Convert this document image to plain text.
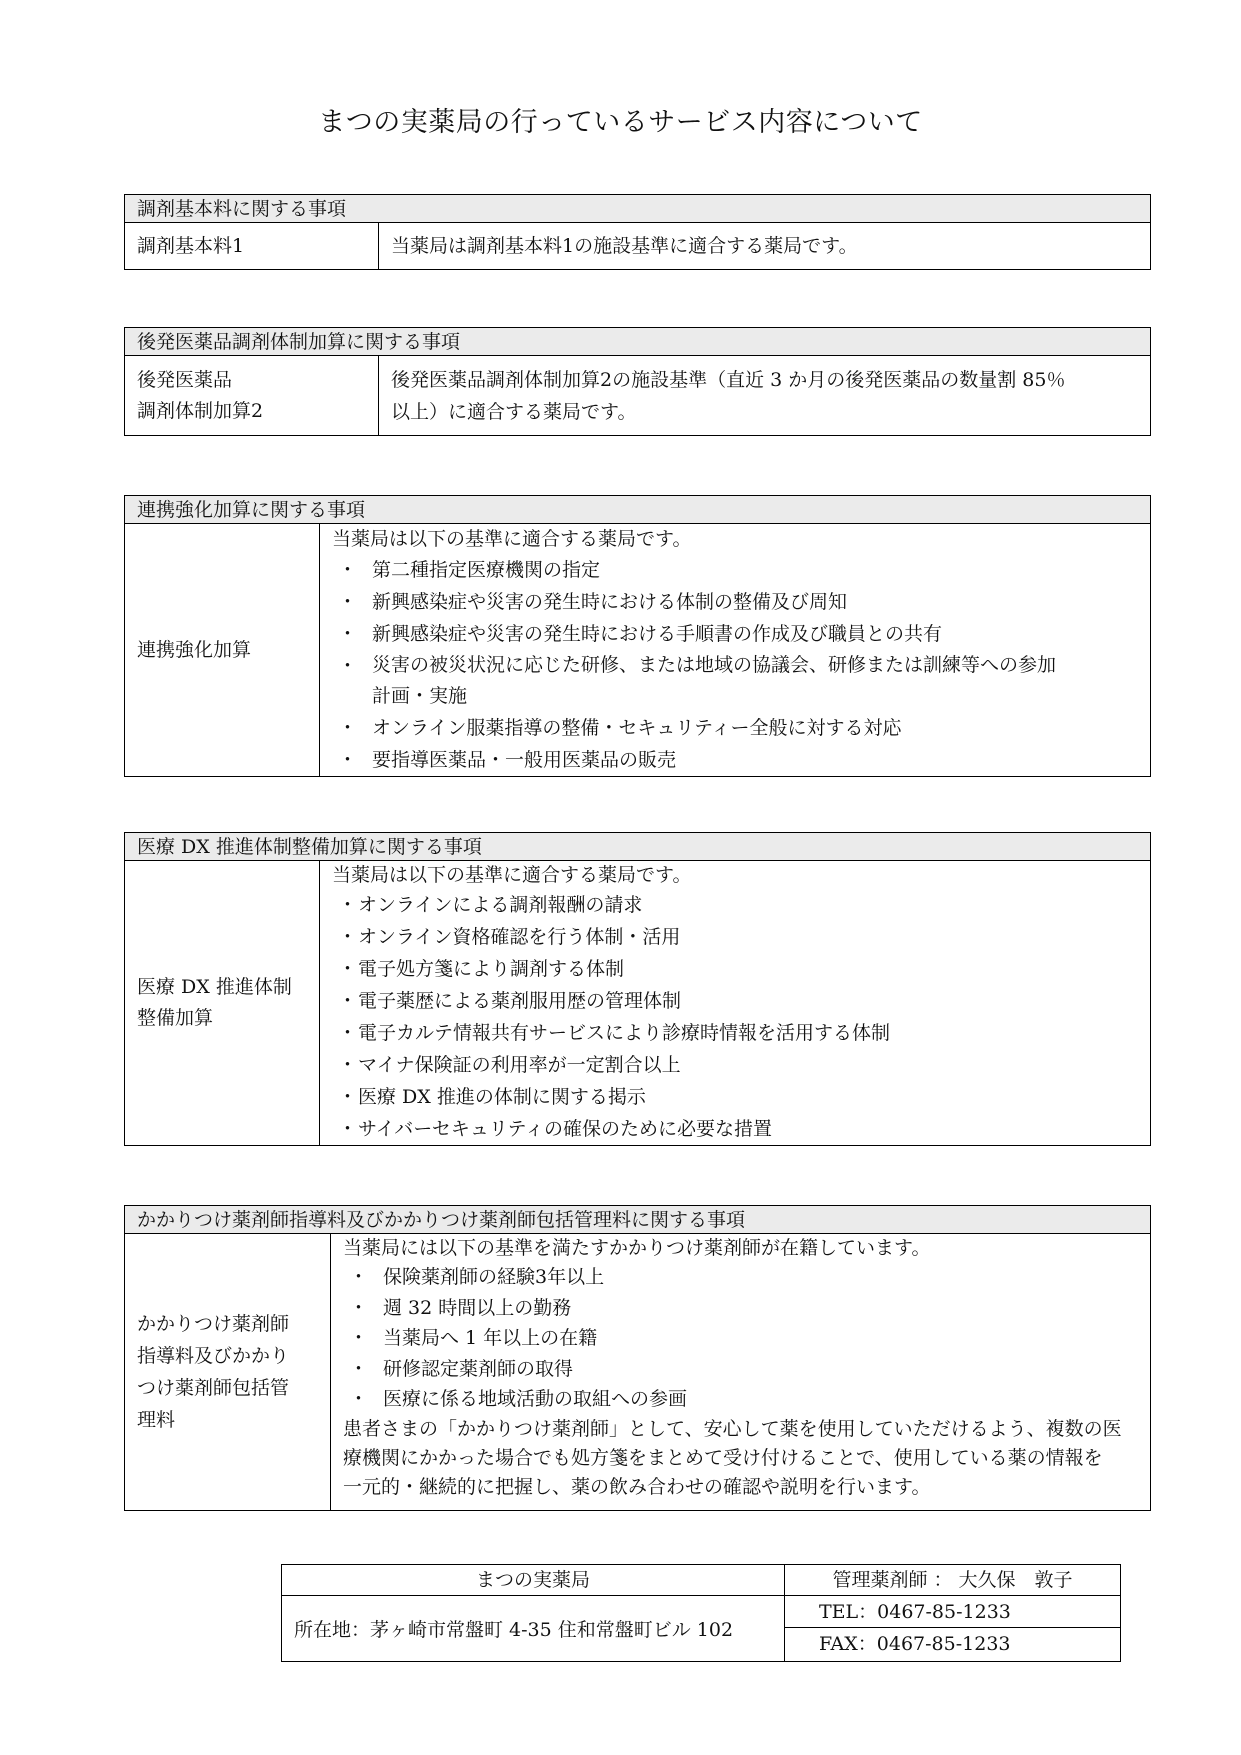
まつの実薬局の行っているサービス内容について
調剤基本料に関する事項
調剤基本料1	当薬局は調剤基本料1の施設基準に適合する薬局です。
後発医薬品調剤体制加算に関する事項
後発医薬品
調剤体制加算2
後発医薬品調剤体制加算2の施設基準（直近 3 か月の後発医薬品の数量割 85％
以上）に適合する薬局です。
連携強化加算に関する事項
連携強化加算
当薬局は以下の基準に適合する薬局です。
・ 第二種指定医療機関の指定
・ 新興感染症や災害の発生時における体制の整備及び周知
・ 新興感染症や災害の発生時における手順書の作成及び職員との共有
・ 災害の被災状況に応じた研修、または地域の協議会、研修または訓練等への参加
計画・実施
・ オンライン服薬指導の整備・セキュリティー全般に対する対応
・ 要指導医薬品・一般用医薬品の販売
医療 DX 推進体制整備加算に関する事項
医療 DX 推進体制
整備加算
当薬局は以下の基準に適合する薬局です。
・ オンラインによる調剤報酬の請求
・ オンライン資格確認を行う体制・活用
・ 電子処方箋により調剤する体制
・ 電子薬歴による薬剤服用歴の管理体制
・ 電子カルテ情報共有サービスにより診療時情報を活用する体制
・ マイナ保険証の利用率が一定割合以上
・ 医療 DX 推進の体制に関する掲示
・ サイバーセキュリティの確保のために必要な措置
かかりつけ薬剤師指導料及びかかりつけ薬剤師包括管理料に関する事項
かかりつけ薬剤師
指導料及びかかり
つけ薬剤師包括管
理料
当薬局には以下の基準を満たすかかりつけ薬剤師が在籍しています。
・ 保険薬剤師の経験3年以上
・ 週 32 時間以上の勤務
・ 当薬局へ 1 年以上の在籍
・ 研修認定薬剤師の取得
・ 医療に係る地域活動の取組への参画
患者さまの「かかりつけ薬剤師」として、安心して薬を使用していただけるよう、複数の医
療機関にかかった場合でも処方箋をまとめて受け付けることで、使用している薬の情報を
一元的・継続的に把握し、薬の飲み合わせの確認や説明を行います。
まつの実薬局	管理薬剤師 ： 大久保　敦子
所在地：茅ヶ崎市常盤町 4-35 住和常盤町ビル 102
TEL：0467-85-1233
FAX：0467-85-1233
